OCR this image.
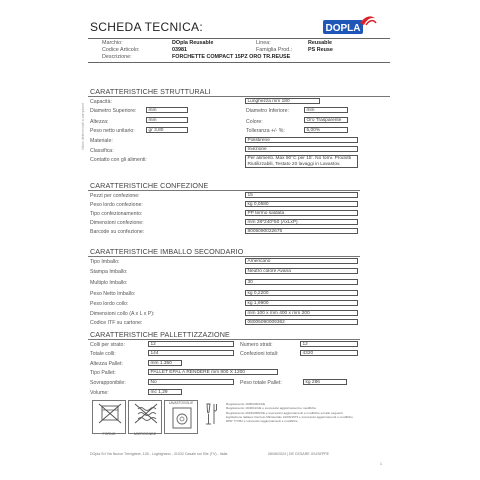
SCHEDA TECNICA:	DOPLA
Marchio:	DOpla Reusable	Linea:	Reusable
Codice Articolo:	03981	Famiglia Prod.:	PS Reuse
Descrizione:	FORCHETTE COMPACT 15PZ ORO TR.REUSE
Valori determinati a campione
CARATTERISTICHE STRUTTURALI
Capacità:	Lunghezza mm 180
Diametro Superiore:	mm	Diametro Inferiore:	mm
Altezza:	mm	Colore:	Oro Trasparente
Peso netto unitario:	gr 3,80	Tolleranza +/- %:	5,00%
Materiale:	Polistirene
Classifica:	Iniezione
Contatto con gli alimenti:	Per alimenti. Max 90°C per 15'. No forni. Prodotti Riutilizzabili, Testato 20 lavaggi in Lavastov.
CARATTERISTICHE CONFEZIONE
Pezzi per confezione:	15
Peso lordo confezione:	kg 0,0580
Tipo confezionamento:	PP termo saldata
Dimensioni confezione:	mm 28*240*50 (AxLxP)
Barcode su confezione:	8005090022675
CARATTERISTICHE IMBALLO SECONDARIO
Tipo Imballo:	Americano
Stampa Imballo:	Neutro colore Avana
Multiplo Imballo:	30
Peso Netto Imballo:	kg 0,2200
Peso lordo collo:	kg 1,9900
Dimensioni collo (A x L x P):	mm 100 x mm 400 x mm 200
Codice ITF su cartone:	08005090009362
CARATTERISTICHE PALLETTIZZAZIONE
Colli per strato:	12	Numero strati:	12
Totale colli:	144	Confezioni totali:	4320
Altezza Pallet:	mm 1.350
Tipo Pallet:	PALLET EPAL A RENDERE mm 800 X 1200
Sovrapponibile:	No	Peso totale Pallet:	kg 286
Volume:	mc 1,29
FORNO	MICROONDE
LAVASTOVIGLIE	Regolamento 1935/2004/CE
Regolamento 10/2011/UE e successivi aggiornamenti e modifiche
Regolamento 2023/2006/CE e successivi aggiornamenti e modifiche sul alle seguenti
legislazione italiana: Decreto Ministeriale 21/03/1973 e successivi aggiornamenti e modifiche
DPR 777/82 e successivi aggiornamenti e modifiche
DOpla Srl Via Nuove Trevigiane, 128 - Lughignano - 31032 Casale sul Sile (TV) - Italia	08/08/2024 | DE CESARE GIUSEPPE
1
